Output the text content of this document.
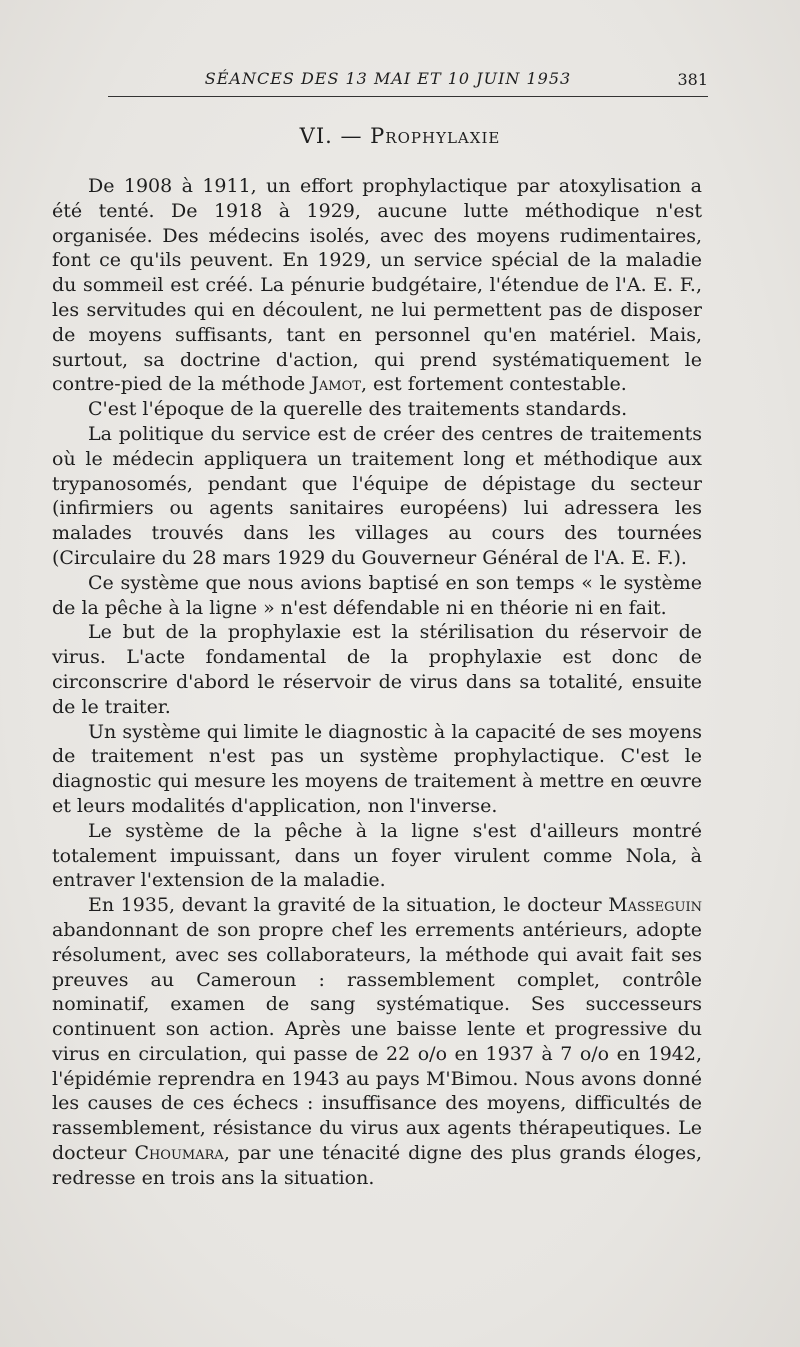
SÉANCES DES 13 MAI ET 10 JUIN 1953	381
VI. — Prophylaxie

De 1908 à 1911, un effort prophylactique par atoxylisation a été tenté. De 1918 à 1929, aucune lutte méthodique n'est organisée. Des médecins isolés, avec des moyens rudimentaires, font ce qu'ils peuvent. En 1929, un service spécial de la maladie du sommeil est créé. La pénurie budgétaire, l'étendue de l'A. E. F., les servitudes qui en découlent, ne lui permettent pas de disposer de moyens suffisants, tant en personnel qu'en matériel. Mais, surtout, sa doctrine d'action, qui prend systématiquement le contre-pied de la méthode Jamot, est fortement contestable.

C'est l'époque de la querelle des traitements standards.

La politique du service est de créer des centres de traitements où le médecin appliquera un traitement long et méthodique aux trypanosomés, pendant que l'équipe de dépistage du secteur (infirmiers ou agents sanitaires européens) lui adressera les malades trouvés dans les villages au cours des tournées (Circulaire du 28 mars 1929 du Gouverneur Général de l'A. E. F.).

Ce système que nous avions baptisé en son temps « le système de la pêche à la ligne » n'est défendable ni en théorie ni en fait.

Le but de la prophylaxie est la stérilisation du réservoir de virus. L'acte fondamental de la prophylaxie est donc de circonscrire d'abord le réservoir de virus dans sa totalité, ensuite de le traiter.

Un système qui limite le diagnostic à la capacité de ses moyens de traitement n'est pas un système prophylactique. C'est le diagnostic qui mesure les moyens de traitement à mettre en œuvre et leurs modalités d'application, non l'inverse.

Le système de la pêche à la ligne s'est d'ailleurs montré totalement impuissant, dans un foyer virulent comme Nola, à entraver l'extension de la maladie.

En 1935, devant la gravité de la situation, le docteur Masseguin abandonnant de son propre chef les errements antérieurs, adopte résolument, avec ses collaborateurs, la méthode qui avait fait ses preuves au Cameroun : rassemblement complet, contrôle nominatif, examen de sang systématique. Ses successeurs continuent son action. Après une baisse lente et progressive du virus en circulation, qui passe de 22 o/o en 1937 à 7 o/o en 1942, l'épidémie reprendra en 1943 au pays M'Bimou. Nous avons donné les causes de ces échecs : insuffisance des moyens, difficultés de rassemblement, résistance du virus aux agents thérapeutiques. Le docteur Choumara, par une ténacité digne des plus grands éloges, redresse en trois ans la situation.
